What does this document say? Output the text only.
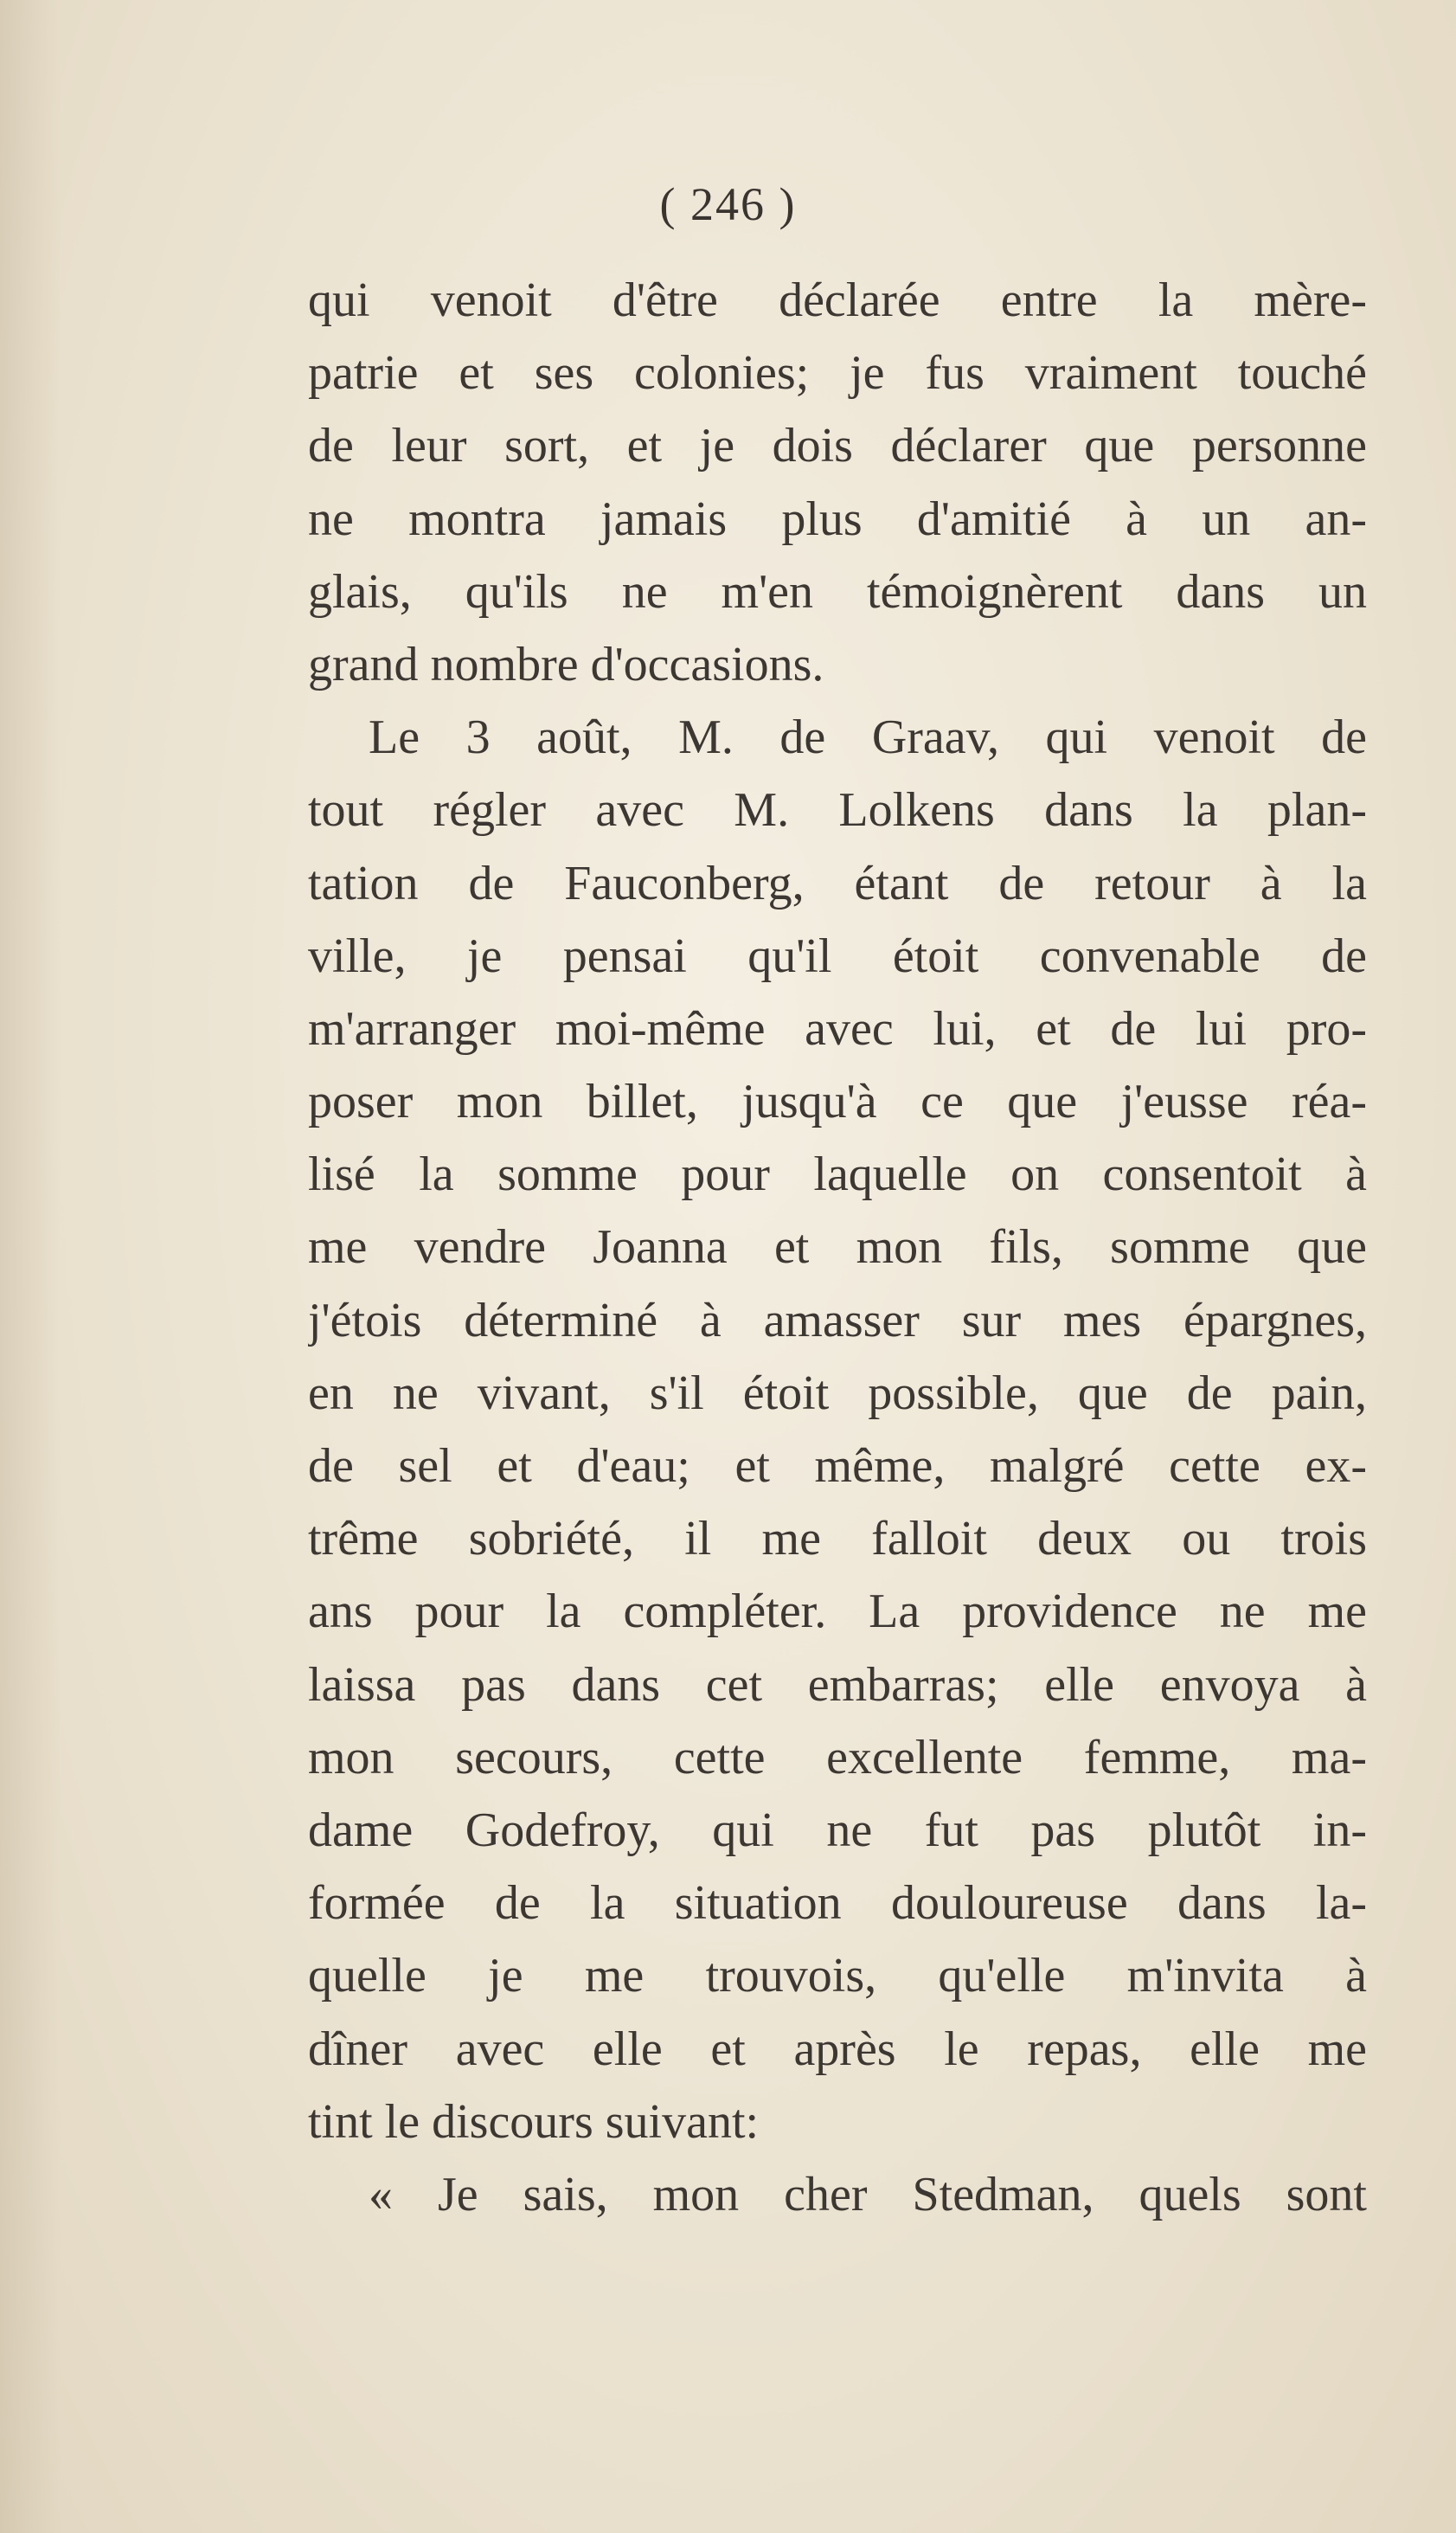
( 246 )
qui venoit d'être déclarée entre la mère-
patrie et ses colonies; je fus vraiment touché
de leur sort, et je dois déclarer que personne
ne montra jamais plus d'amitié à un an-
glais, qu'ils ne m'en témoignèrent dans un
grand nombre d'occasions.
Le 3 août, M. de Graav, qui venoit de
tout régler avec M. Lolkens dans la plan-
tation de Fauconberg, étant de retour à la
ville, je pensai qu'il étoit convenable de
m'arranger moi-même avec lui, et de lui pro-
poser mon billet, jusqu'à ce que j'eusse réa-
lisé la somme pour laquelle on consentoit à
me vendre Joanna et mon fils, somme que
j'étois déterminé à amasser sur mes épargnes,
en ne vivant, s'il étoit possible, que de pain,
de sel et d'eau; et même, malgré cette ex-
trême sobriété, il me falloit deux ou trois
ans pour la compléter. La providence ne me
laissa pas dans cet embarras; elle envoya à
mon secours, cette excellente femme, ma-
dame Godefroy, qui ne fut pas plutôt in-
formée de la situation douloureuse dans la-
quelle je me trouvois, qu'elle m'invita à
dîner avec elle et après le repas, elle me
tint le discours suivant:
« Je sais, mon cher Stedman, quels sont
